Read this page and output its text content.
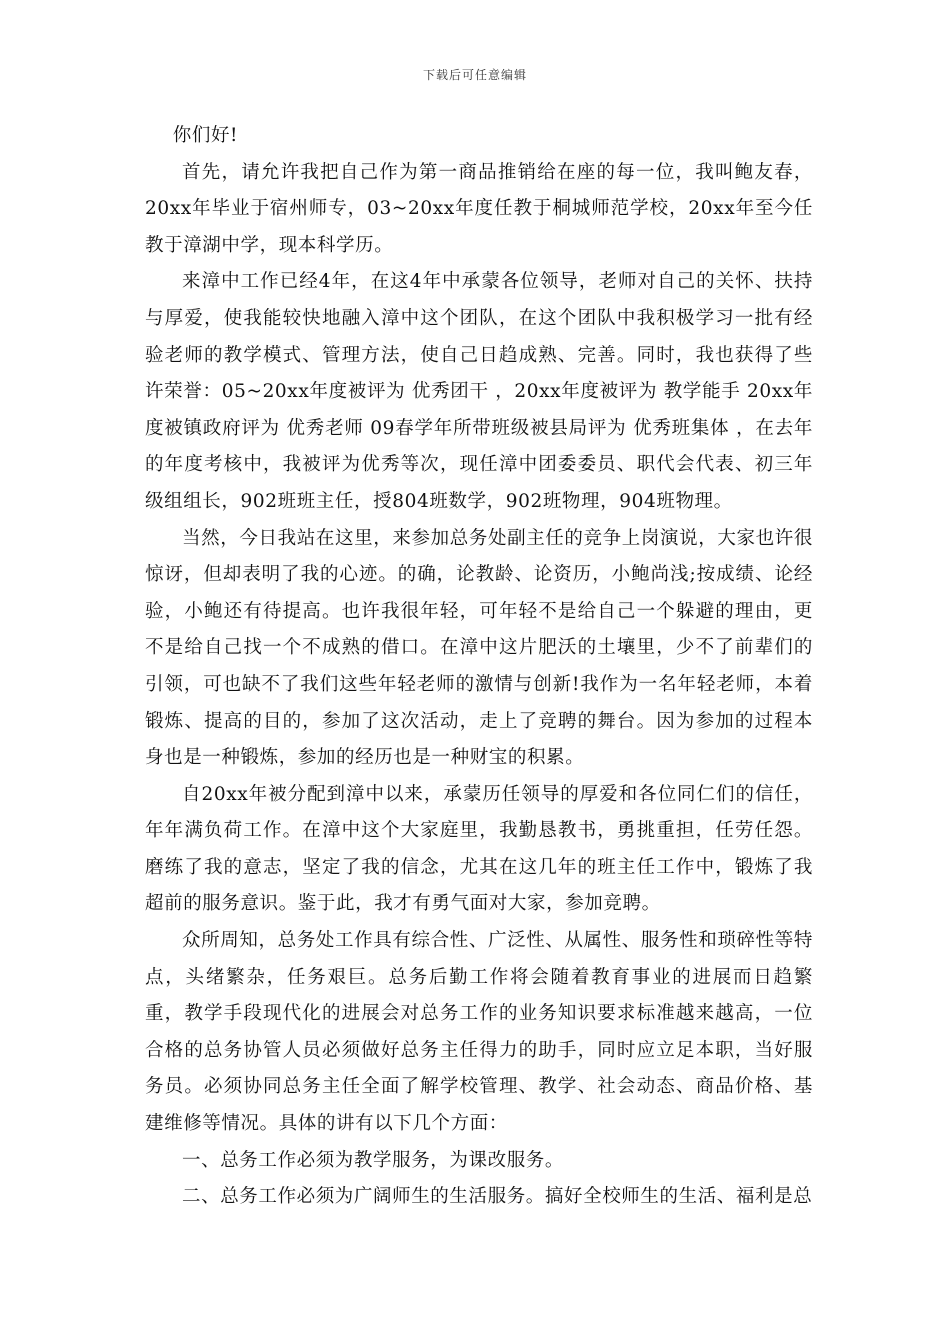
下载后可任意编辑

你们好!

首先，请允许我把自己作为第一商品推销给在座的每一位，我叫鲍友春，20xx年毕业于宿州师专，03~20xx年度任教于桐城师范学校，20xx年至今任教于漳湖中学，现本科学历。

来漳中工作已经4年，在这4年中承蒙各位领导，老师对自己的关怀、扶持与厚爱，使我能较快地融入漳中这个团队，在这个团队中我积极学习一批有经验老师的教学模式、管理方法，使自己日趋成熟、完善。同时，我也获得了些许荣誉：05~20xx年度被评为 优秀团干 ，20xx年度被评为 教学能手 20xx年度被镇政府评为 优秀老师 09春学年所带班级被县局评为 优秀班集体 ，在去年的年度考核中，我被评为优秀等次，现任漳中团委委员、职代会代表、初三年级组组长，902班班主任，授804班数学，902班物理，904班物理。

当然，今日我站在这里，来参加总务处副主任的竞争上岗演说，大家也许很惊讶，但却表明了我的心迹。的确，论教龄、论资历，小鲍尚浅;按成绩、论经验，小鲍还有待提高。也许我很年轻，可年轻不是给自己一个躲避的理由，更不是给自己找一个不成熟的借口。在漳中这片肥沃的土壤里，少不了前辈们的引领，可也缺不了我们这些年轻老师的激情与创新!我作为一名年轻老师，本着锻炼、提高的目的，参加了这次活动，走上了竞聘的舞台。因为参加的过程本身也是一种锻炼，参加的经历也是一种财宝的积累。

自20xx年被分配到漳中以来，承蒙历任领导的厚爱和各位同仁们的信任，年年满负荷工作。在漳中这个大家庭里，我勤恳教书，勇挑重担，任劳任怨。磨练了我的意志，坚定了我的信念，尤其在这几年的班主任工作中，锻炼了我超前的服务意识。鉴于此，我才有勇气面对大家，参加竞聘。

众所周知，总务处工作具有综合性、广泛性、从属性、服务性和琐碎性等特点，头绪繁杂，任务艰巨。总务后勤工作将会随着教育事业的进展而日趋繁重，教学手段现代化的进展会对总务工作的业务知识要求标准越来越高，一位合格的总务协管人员必须做好总务主任得力的助手，同时应立足本职，当好服务员。必须协同总务主任全面了解学校管理、教学、社会动态、商品价格、基建维修等情况。具体的讲有以下几个方面：

一、总务工作必须为教学服务，为课改服务。

二、总务工作必须为广阔师生的生活服务。搞好全校师生的生活、福利是总
